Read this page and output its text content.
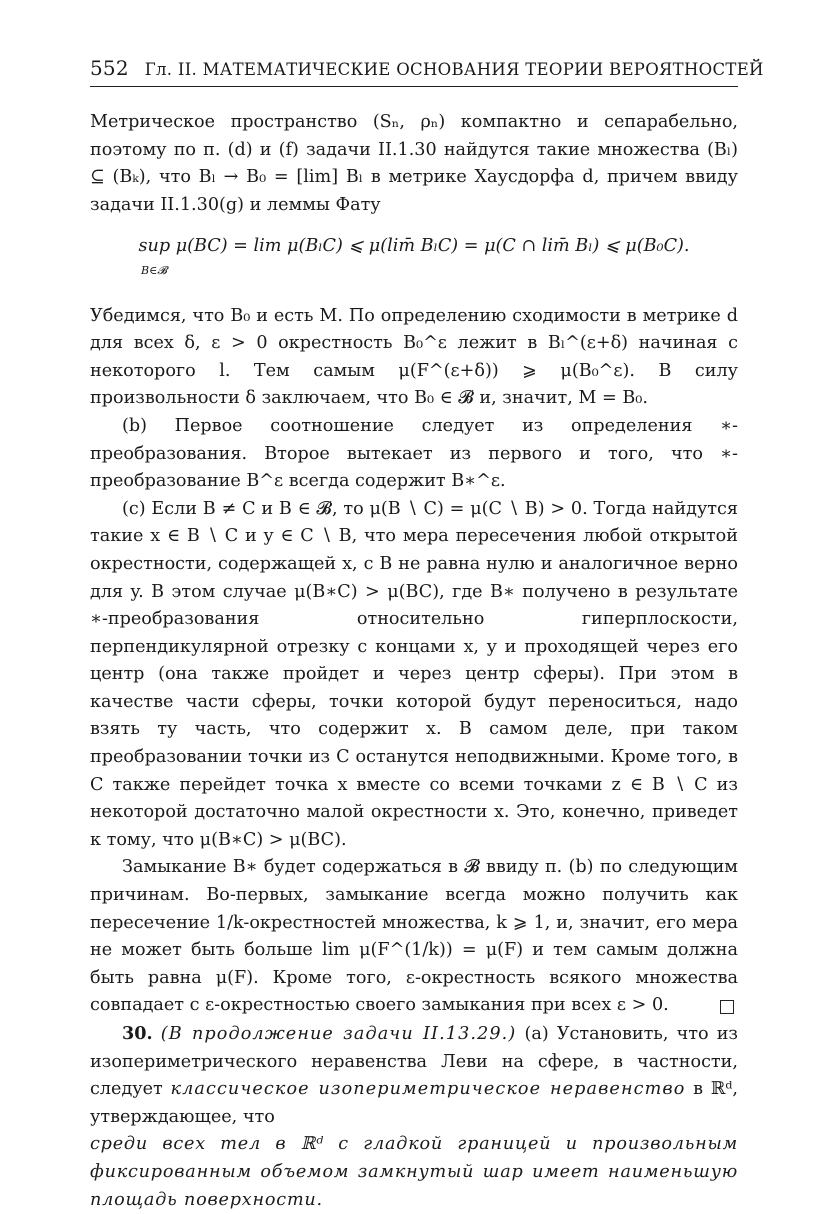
552 Гл. II. МАТЕМАТИЧЕСКИЕ ОСНОВАНИЯ ТЕОРИИ ВЕРОЯТНОСТЕЙ

Метрическое пространство (Sₙ, ρₙ) компактно и сепарабельно, поэтому по п. (d) и (f) задачи II.1.30 найдутся такие множества (Bₗ) ⊆ (Bₖ), что Bₗ → B₀ = [lim] Bₗ в метрике Хаусдорфа d, причем ввиду задачи II.1.30(g) и леммы Фату

sup μ(BC) = lim μ(BₗC) ⩽ μ(lim̄ BₗC) = μ(C ∩ lim̄ Bₗ) ⩽ μ(B₀C).
B∈𝓑

Убедимся, что B₀ и есть M. По определению сходимости в метрике d для всех δ, ε > 0 окрестность B₀^ε лежит в Bₗ^(ε+δ) начиная с некоторого l. Тем самым μ(F^(ε+δ)) ⩾ μ(B₀^ε). В силу произвольности δ заключаем, что B₀ ∈ 𝓑 и, значит, M = B₀.

(b) Первое соотношение следует из определения ∗-преобразования. Второе вытекает из первого и того, что ∗-преобразование B^ε всегда содержит B∗^ε.

(c) Если B ≠ C и B ∈ 𝓑, то μ(B ∖ C) = μ(C ∖ B) > 0. Тогда найдутся такие x ∈ B ∖ C и y ∈ C ∖ B, что мера пересечения любой открытой окрестности, содержащей x, с B не равна нулю и аналогичное верно для y. В этом случае μ(B∗C) > μ(BC), где B∗ получено в результате ∗-преобразования относительно гиперплоскости, перпендикулярной отрезку с концами x, y и проходящей через его центр (она также пройдет и через центр сферы). При этом в качестве части сферы, точки которой будут переноситься, надо взять ту часть, что содержит x. В самом деле, при таком преобразовании точки из C останутся неподвижными. Кроме того, в C также перейдет точка x вместе со всеми точками z ∈ B ∖ C из некоторой достаточно малой окрестности x. Это, конечно, приведет к тому, что μ(B∗C) > μ(BC).

Замыкание B∗ будет содержаться в 𝓑 ввиду п. (b) по следующим причинам. Во-первых, замыкание всегда можно получить как пересечение 1/k-окрестностей множества, k ⩾ 1, и, значит, его мера не может быть больше lim μ(F^(1/k)) = μ(F) и тем самым должна быть равна μ(F). Кроме того, ε-окрестность всякого множества совпадает с ε-окрестностью своего замыкания при всех ε > 0.

30. (В продолжение задачи II.13.29.) (а) Установить, что из изопериметрического неравенства Леви на сфере, в частности, следует классическое изопериметрическое неравенство в ℝᵈ, утверждающее, что

среди всех тел в ℝᵈ с гладкой границей и произвольным фиксированным объемом замкнутый шар имеет наименьшую площадь поверхности.
